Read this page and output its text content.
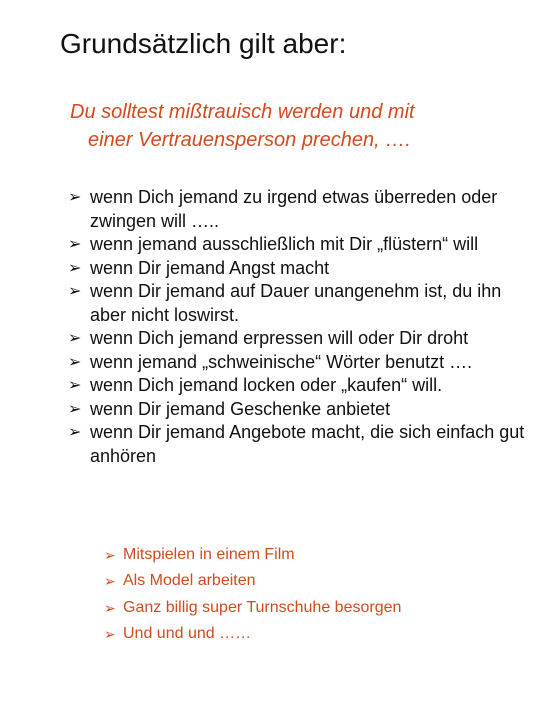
Grundsätzlich gilt aber:
Du solltest mißtrauisch werden und mit
einer Vertrauensperson prechen, ….
➢ wenn Dich jemand zu irgend etwas überreden oder zwingen will …..
➢ wenn jemand ausschließlich mit Dir „flüstern“ will
➢ wenn Dir jemand Angst macht
➢ wenn Dir jemand auf Dauer unangenehm ist, du ihn aber nicht loswirst.
➢ wenn Dich jemand erpressen will oder Dir droht
➢ wenn jemand „schweinische“ Wörter benutzt ….
➢ wenn Dich jemand locken oder „kaufen“ will.
➢ wenn Dir jemand Geschenke anbietet
➢ wenn Dir jemand Angebote macht, die sich einfach gut anhören
➢ Mitspielen in einem Film
➢ Als Model arbeiten
➢ Ganz billig super Turnschuhe besorgen
➢ Und und und ……
